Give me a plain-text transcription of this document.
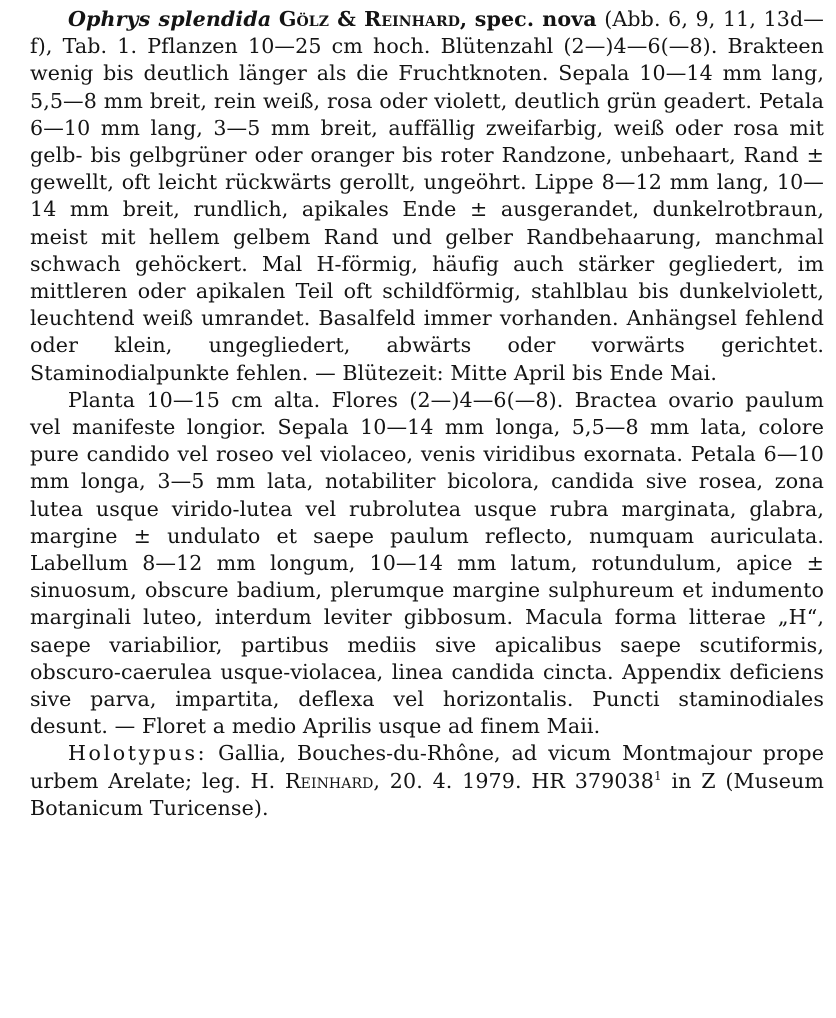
Ophrys splendida Gölz & Reinhard, spec. nova (Abb. 6, 9, 11, 13d—f), Tab. 1. Pflanzen 10—25 cm hoch. Blütenzahl (2—)4—6(—8). Brakteen wenig bis deutlich länger als die Fruchtknoten. Sepala 10—14 mm lang, 5,5—8 mm breit, rein weiß, rosa oder violett, deutlich grün geadert. Petala 6—10 mm lang, 3—5 mm breit, auffällig zweifarbig, weiß oder rosa mit gelb- bis gelbgrüner oder oranger bis roter Randzone, unbehaart, Rand ± gewellt, oft leicht rückwärts gerollt, ungeöhrt. Lippe 8—12 mm lang, 10—14 mm breit, rundlich, apikales Ende ± ausgerandet, dunkelrotbraun, meist mit hellem gelbem Rand und gelber Randbehaarung, manchmal schwach gehöckert. Mal H-förmig, häufig auch stärker gegliedert, im mittleren oder apikalen Teil oft schildförmig, stahlblau bis dunkelviolett, leuchtend weiß umrandet. Basalfeld immer vorhanden. Anhängsel fehlend oder klein, ungegliedert, abwärts oder vorwärts gerichtet. Staminodialpunkte fehlen. — Blütezeit: Mitte April bis Ende Mai.

Planta 10—15 cm alta. Flores (2—)4—6(—8). Bractea ovario paulum vel manifeste longior. Sepala 10—14 mm longa, 5,5—8 mm lata, colore pure candido vel roseo vel violaceo, venis viridibus exornata. Petala 6—10 mm longa, 3—5 mm lata, notabiliter bicolora, candida sive rosea, zona lutea usque virido-lutea vel rubrolutea usque rubra marginata, glabra, margine ± undulato et saepe paulum reflecto, numquam auriculata. Labellum 8—12 mm longum, 10—14 mm latum, rotundulum, apice ± sinuosum, obscure badium, plerumque margine sulphureum et indumento marginali luteo, interdum leviter gibbosum. Macula forma litterae „H“, saepe variabilior, partibus mediis sive apicalibus saepe scutiformis, obscuro-caerulea usque-violacea, linea candida cincta. Appendix deficiens sive parva, impartita, deflexa vel horizontalis. Puncti staminodiales desunt. — Floret a medio Aprilis usque ad finem Maii.

Holotypus: Gallia, Bouches-du-Rhône, ad vicum Montmajour prope urbem Arelate; leg. H. Reinhard, 20. 4. 1979. HR 379038$^1$ in Z (Museum Botanicum Turicense).
